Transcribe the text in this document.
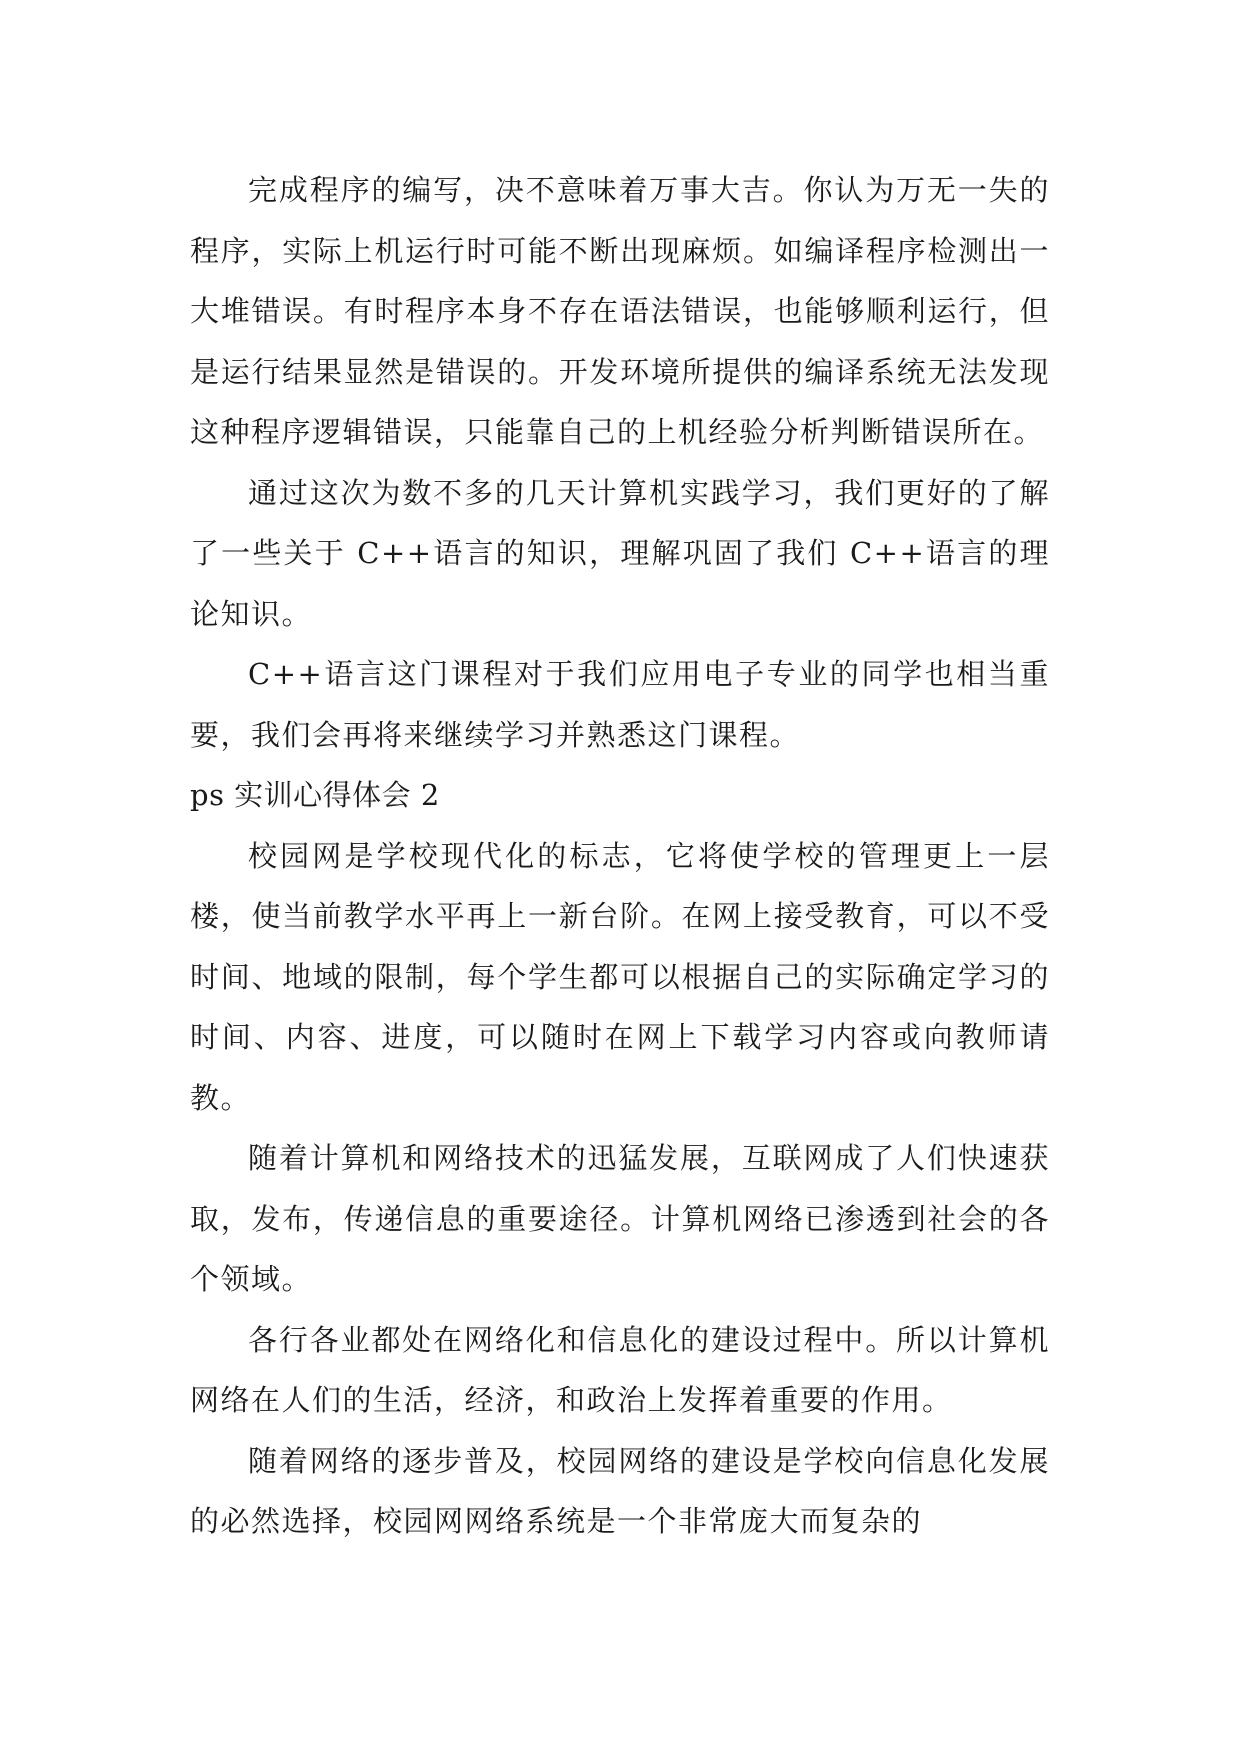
完成程序的编写，决不意味着万事大吉。你认为万无一失的程序，实际上机运行时可能不断出现麻烦。如编译程序检测出一大堆错误。有时程序本身不存在语法错误，也能够顺利运行，但是运行结果显然是错误的。开发环境所提供的编译系统无法发现这种程序逻辑错误，只能靠自己的上机经验分析判断错误所在。

通过这次为数不多的几天计算机实践学习，我们更好的了解了一些关于 C++语言的知识，理解巩固了我们 C++语言的理论知识。

C++语言这门课程对于我们应用电子专业的同学也相当重要，我们会再将来继续学习并熟悉这门课程。

ps 实训心得体会 2

校园网是学校现代化的标志，它将使学校的管理更上一层楼，使当前教学水平再上一新台阶。在网上接受教育，可以不受时间、地域的限制，每个学生都可以根据自己的实际确定学习的时间、内容、进度，可以随时在网上下载学习内容或向教师请教。

随着计算机和网络技术的迅猛发展，互联网成了人们快速获取，发布，传递信息的重要途径。计算机网络已渗透到社会的各个领域。

各行各业都处在网络化和信息化的建设过程中。所以计算机网络在人们的生活，经济，和政治上发挥着重要的作用。

随着网络的逐步普及，校园网络的建设是学校向信息化发展的必然选择，校园网网络系统是一个非常庞大而复杂的
